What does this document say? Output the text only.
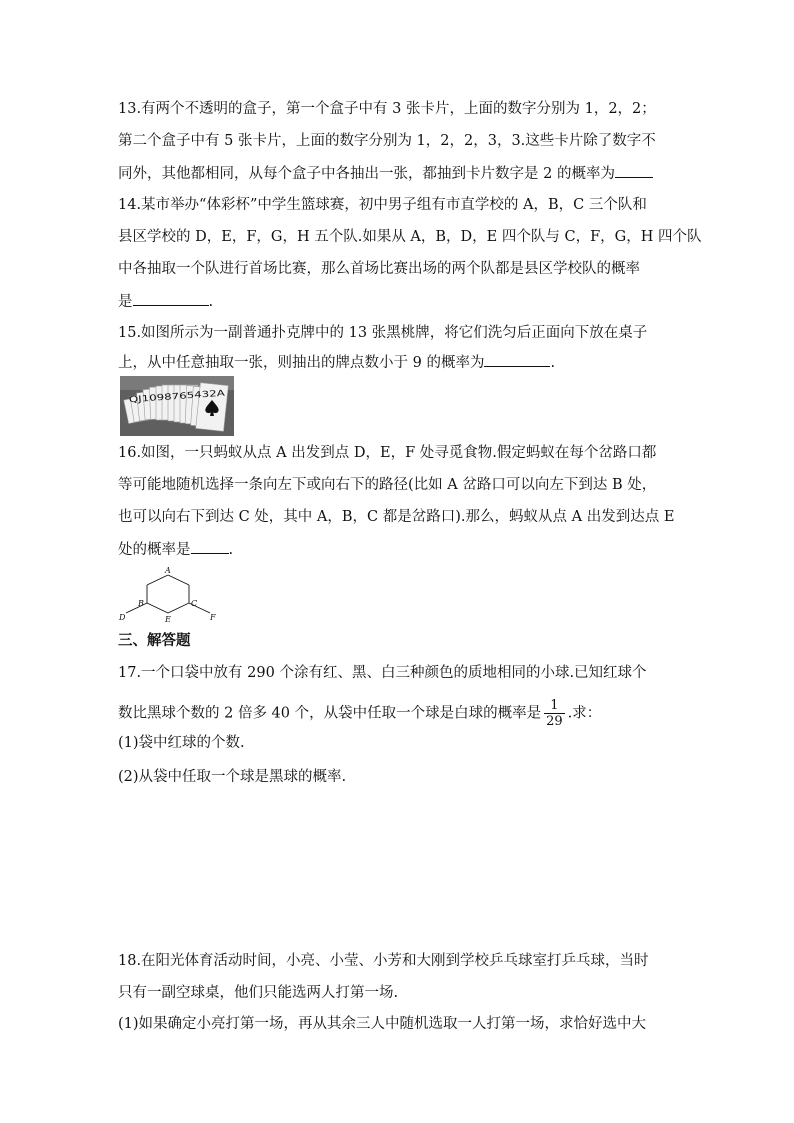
13.有两个不透明的盒子，第一个盒子中有 3 张卡片，上面的数字分别为 1，2，2；
第二个盒子中有 5 张卡片，上面的数字分别为 1，2，2，3，3.这些卡片除了数字不
同外，其他都相同，从每个盒子中各抽出一张，都抽到卡片数字是 2 的概率为
14.某市举办“体彩杯”中学生篮球赛，初中男子组有市直学校的 A，B，C 三个队和
县区学校的 D，E，F，G，H 五个队.如果从 A，B，D，E 四个队与 C，F，G，H 四个队
中各抽取一个队进行首场比赛，那么首场比赛出场的两个队都是县区学校队的概率
是	.
15.如图所示为一副普通扑克牌中的 13 张黑桃牌，将它们洗匀后正面向下放在桌子
上，从中任意抽取一张，则抽出的牌点数小于 9 的概率为	.
QJ1098765432A
16.如图，一只蚂蚁从点 A 出发到点 D，E，F 处寻觅食物.假定蚂蚁在每个岔路口都
等可能地随机选择一条向左下或向右下的路径(比如 A 岔路口可以向左下到达 B 处，
也可以向右下到达 C 处，其中 A，B，C 都是岔路口).那么，蚂蚁从点 A 出发到达点 E
处的概率是	.
A
B	C
D	E	F
三、解答题
17.一个口袋中放有 290 个涂有红、黑、白三种颜色的质地相同的小球.已知红球个
数比黑球个数的 2 倍多 40 个，从袋中任取一个球是白球的概率是 $\frac{1}{29}$ .求：
(1)袋中红球的个数.
(2)从袋中任取一个球是黑球的概率.
18.在阳光体育活动时间，小亮、小莹、小芳和大刚到学校乒乓球室打乒乓球，当时
只有一副空球桌，他们只能选两人打第一场.
(1)如果确定小亮打第一场，再从其余三人中随机选取一人打第一场，求恰好选中大
